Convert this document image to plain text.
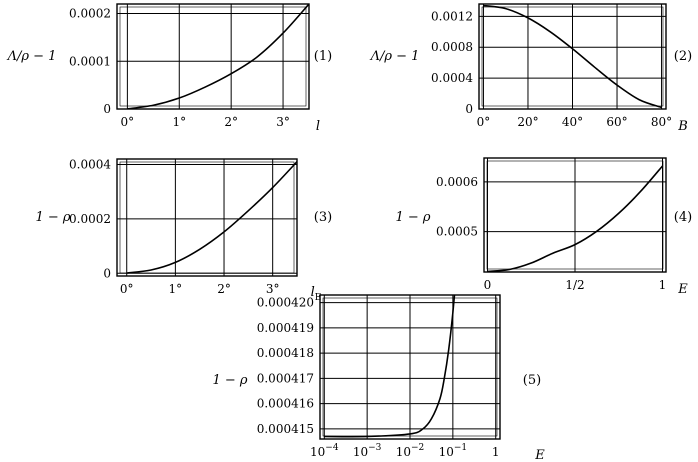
0°	1°	2°	3°
0
0.0001
0.0002
Λ/ρ − 1
l
(1)
0° 20° 40° 60° 80°
0
0.0004
0.0008
0.0012
Λ/ρ − 1
B
(2)
0°	1°	2°	3°
0
0.0002
0.0004
1 − ρ
$l_E$
(3)
0	1/2	1
0.0005
0.0006
1 − ρ
E
(4)
$10^{-4}$ $10^{-3}$ $10^{-2}$ $10^{-1}$ 1
0.000415
0.000416
0.000417
0.000418
0.000419
0.000420
1 − ρ
E
(5)
